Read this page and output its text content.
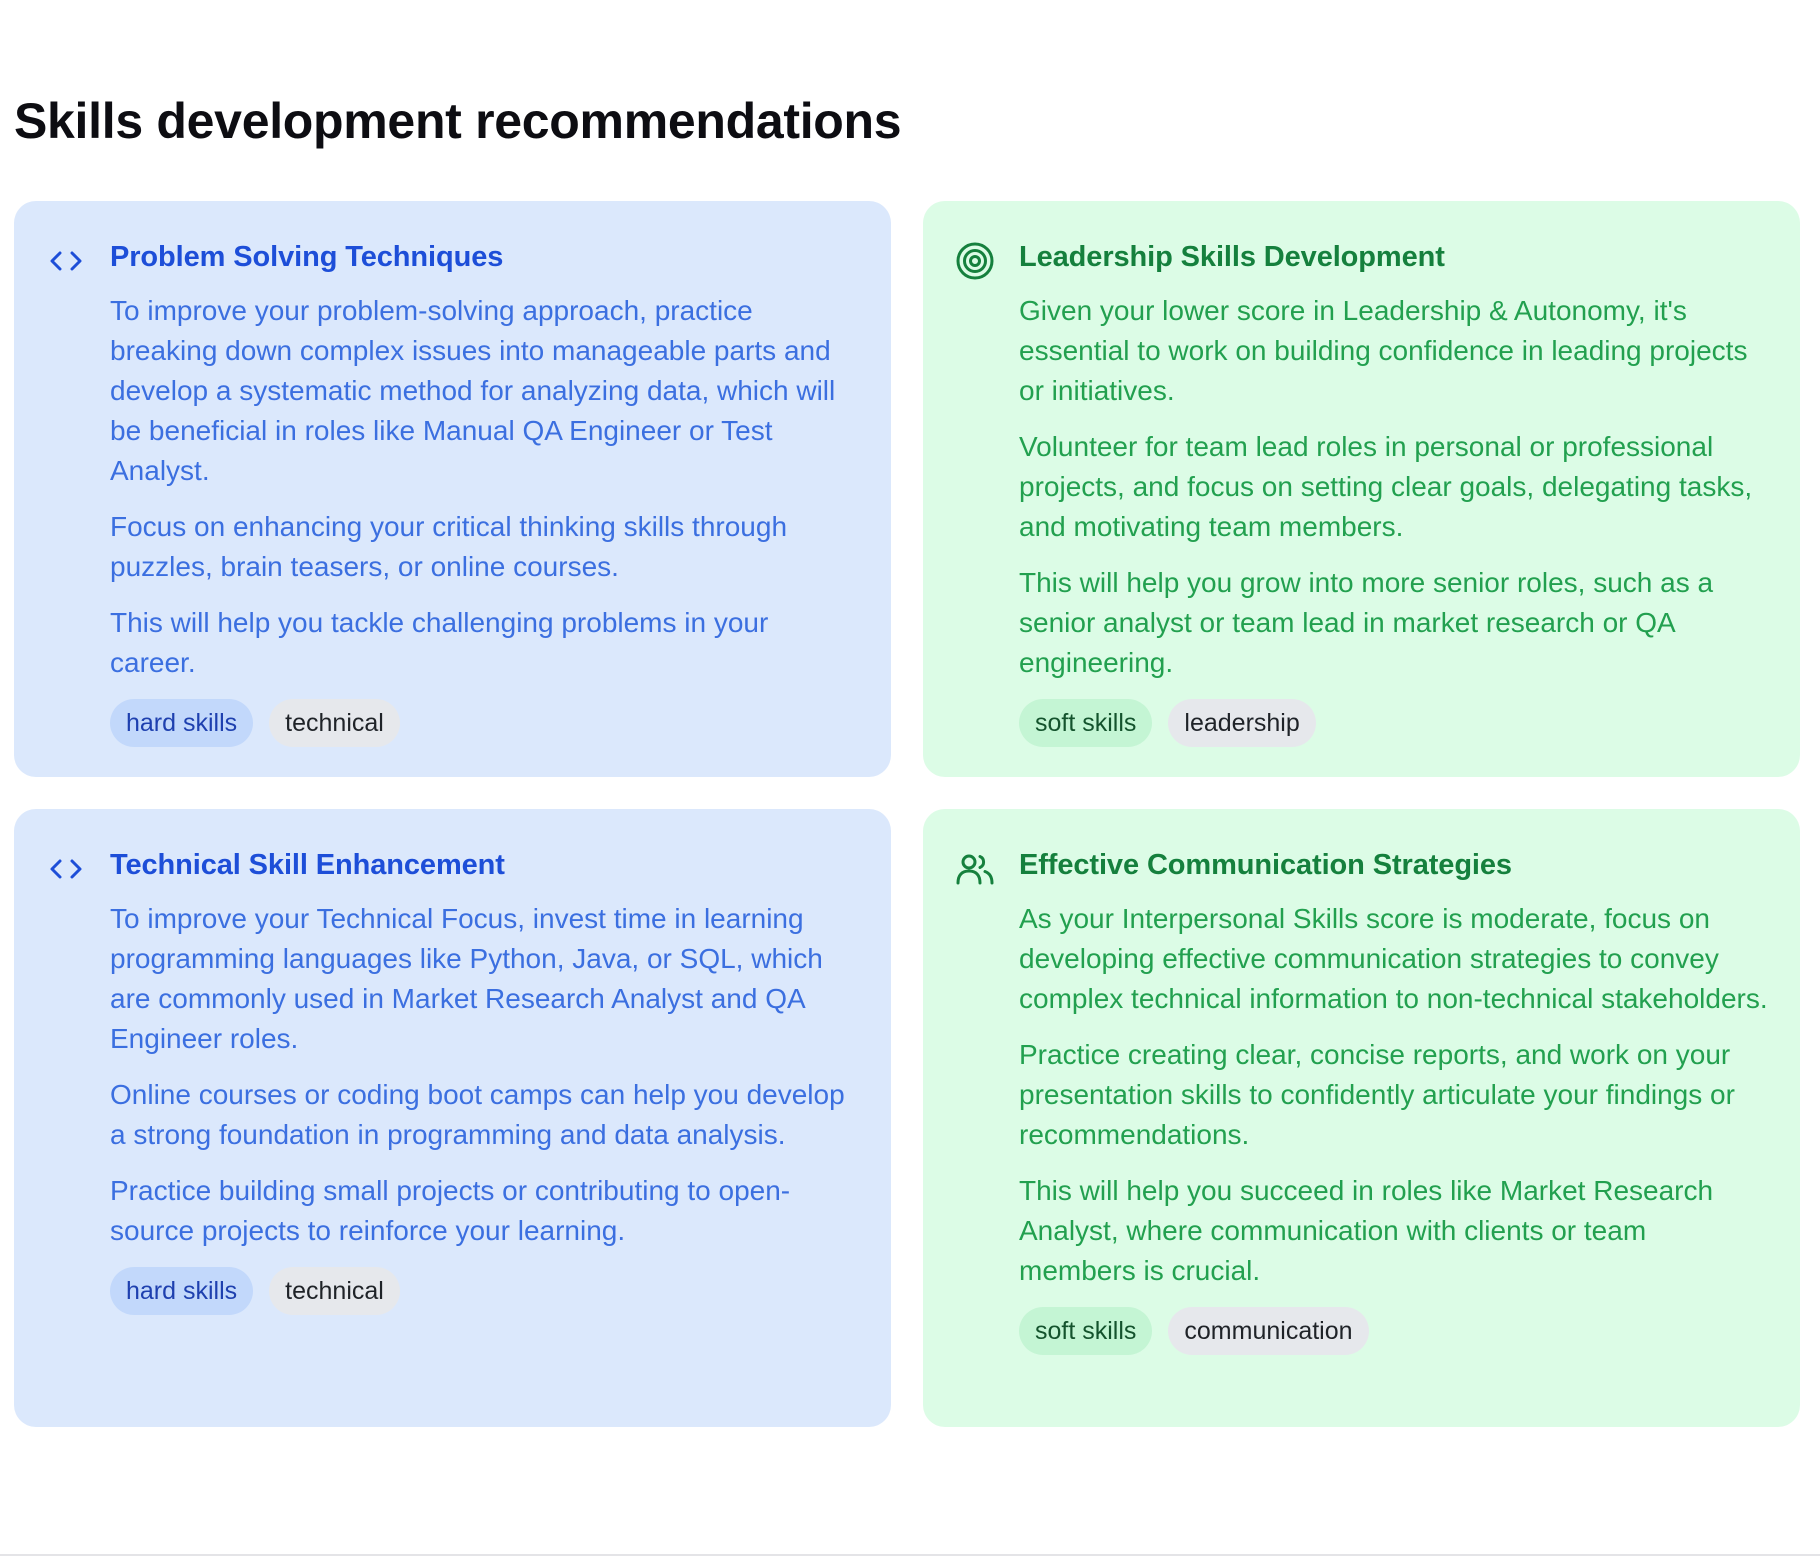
Skills development recommendations
Problem Solving Techniques

To improve your problem-solving approach, practice breaking down complex issues into manageable parts and develop a systematic method for analyzing data, which will be beneficial in roles like Manual QA Engineer or Test Analyst.

Focus on enhancing your critical thinking skills through puzzles, brain teasers, or online courses.

This will help you tackle challenging problems in your career.

hard skills	technical
Leadership Skills Development

Given your lower score in Leadership & Autonomy, it's essential to work on building confidence in leading projects or initiatives.

Volunteer for team lead roles in personal or professional projects, and focus on setting clear goals, delegating tasks, and motivating team members.

This will help you grow into more senior roles, such as a senior analyst or team lead in market research or QA engineering.

soft skills	leadership
Technical Skill Enhancement

To improve your Technical Focus, invest time in learning programming languages like Python, Java, or SQL, which are commonly used in Market Research Analyst and QA Engineer roles.

Online courses or coding boot camps can help you develop a strong foundation in programming and data analysis.

Practice building small projects or contributing to open-source projects to reinforce your learning.

hard skills	technical
Effective Communication Strategies

As your Interpersonal Skills score is moderate, focus on developing effective communication strategies to convey complex technical information to non-technical stakeholders.

Practice creating clear, concise reports, and work on your presentation skills to confidently articulate your findings or recommendations.

This will help you succeed in roles like Market Research Analyst, where communication with clients or team members is crucial.

soft skills	communication
